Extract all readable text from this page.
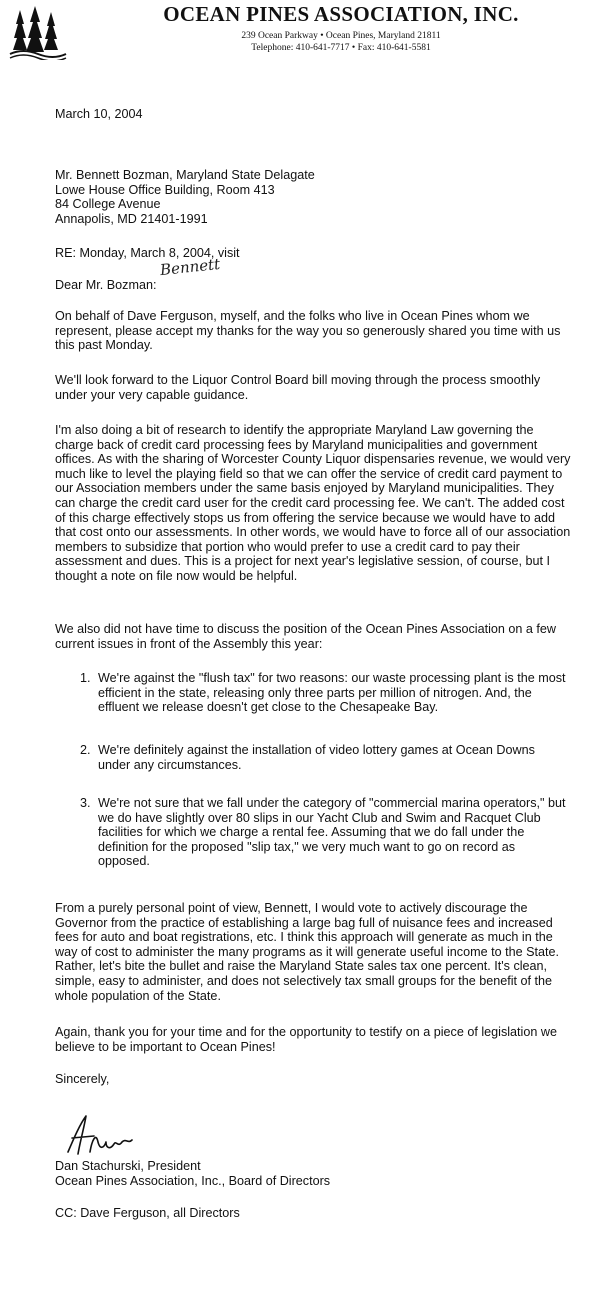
OCEAN PINES ASSOCIATION, INC.
239 Ocean Parkway • Ocean Pines, Maryland 21811
Telephone: 410-641-7717 • Fax: 410-641-5581
March 10, 2004

Mr. Bennett Bozman, Maryland State Delagate

Lowe House Office Building, Room 413

84 College Avenue

Annapolis, MD 21401-1991

RE: Monday, March 8, 2004, visit
Bennett
Dear Mr. Bozman:
On behalf of Dave Ferguson, myself, and the folks who live in Ocean Pines whom we represent, please accept my thanks for the way you so generously shared you time with us this past Monday.
We'll look forward to the Liquor Control Board bill moving through the process smoothly under your very capable guidance.
I'm also doing a bit of research to identify the appropriate Maryland Law governing the charge back of credit card processing fees by Maryland municipalities and government offices. As with the sharing of Worcester County Liquor dispensaries revenue, we would very much like to level the playing field so that we can offer the service of credit card payment to our Association members under the same basis enjoyed by Maryland municipalities. They can charge the credit card user for the credit card processing fee. We can't. The added cost of this charge effectively stops us from offering the service because we would have to add that cost onto our assessments. In other words, we would have to force all of our association members to subsidize that portion who would prefer to use a credit card to pay their assessment and dues. This is a project for next year's legislative session, of course, but I thought a note on file now would be helpful.
We also did not have time to discuss the position of the Ocean Pines Association on a few current issues in front of the Assembly this year:
1. We're against the "flush tax" for two reasons: our waste processing plant is the most efficient in the state, releasing only three parts per million of nitrogen. And, the effluent we release doesn't get close to the Chesapeake Bay.
2. We're definitely against the installation of video lottery games at Ocean Downs under any circumstances.
3. We're not sure that we fall under the category of "commercial marina operators," but we do have slightly over 80 slips in our Yacht Club and Swim and Racquet Club facilities for which we charge a rental fee. Assuming that we do fall under the definition for the proposed "slip tax," we very much want to go on record as opposed.
From a purely personal point of view, Bennett, I would vote to actively discourage the Governor from the practice of establishing a large bag full of nuisance fees and increased fees for auto and boat registrations, etc. I think this approach will generate as much in the way of cost to administer the many programs as it will generate useful income to the State. Rather, let's bite the bullet and raise the Maryland State sales tax one percent. It's clean, simple, easy to administer, and does not selectively tax small groups for the benefit of the whole population of the State.
Again, thank you for your time and for the opportunity to testify on a piece of legislation we believe to be important to Ocean Pines!
Sincerely,
Dan Stachurski, President
Ocean Pines Association, Inc., Board of Directors
CC: Dave Ferguson, all Directors
